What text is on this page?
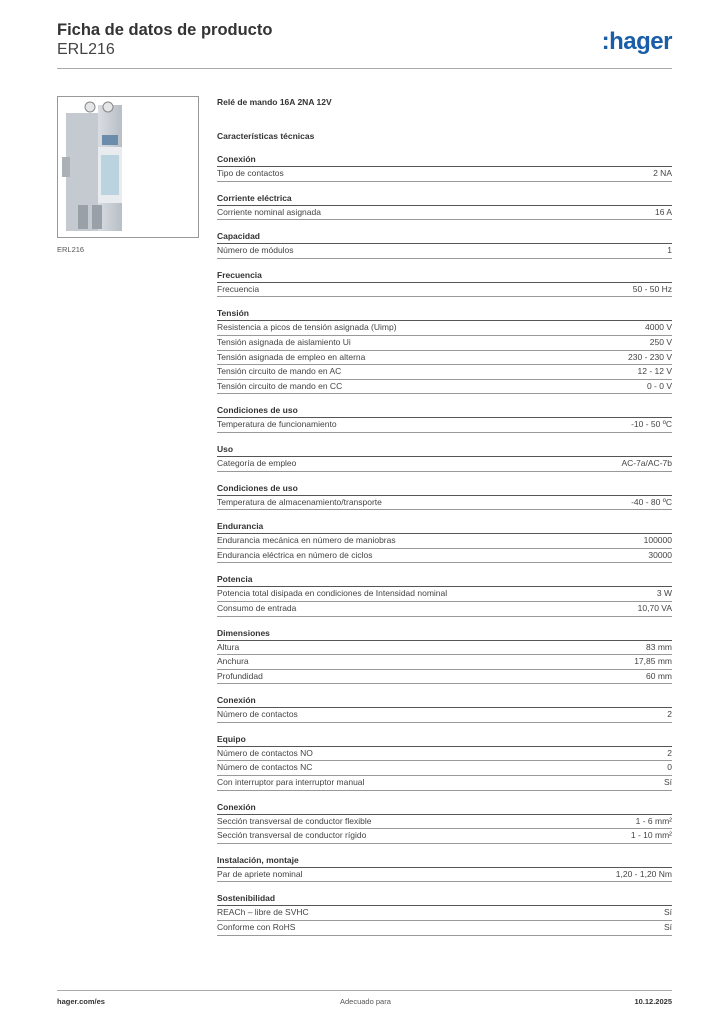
Ficha de datos de producto

ERL216	:hager
ERL216
Relé de mando 16A 2NA 12V
Características técnicas
Conexión
Tipo de contactos	2 NA
Corriente eléctrica
Corriente nominal asignada	16 A
Capacidad
Número de módulos	1
Frecuencia
Frecuencia	50 - 50 Hz
Tensión
Resistencia a picos de tensión asignada (Uimp)	4000 V
Tensión asignada de aislamiento Ui	250 V
Tensión asignada de empleo en alterna	230 - 230 V
Tensión circuito de mando en AC	12 - 12 V
Tensión circuito de mando en CC	0 - 0 V
Condiciones de uso
Temperatura de funcionamiento	-10 - 50 ºC
Uso
Categoría de empleo	AC-7a/AC-7b
Condiciones de uso
Temperatura de almacenamiento/transporte	-40 - 80 ºC
Endurancia
Endurancia mecánica en número de maniobras	100000
Endurancia eléctrica en número de ciclos	30000
Potencia
Potencia total disipada en condiciones de Intensidad nominal	3 W
Consumo de entrada	10,70 VA
Dimensiones
Altura	83 mm
Anchura	17,85 mm
Profundidad	60 mm
Conexión
Número de contactos	2
Equipo
Número de contactos NO	2
Número de contactos NC	0
Con interruptor para interruptor manual	Sí
Conexión
Sección transversal de conductor flexible	1 - 6 mm²
Sección transversal de conductor rígido	1 - 10 mm²
Instalación, montaje
Par de apriete nominal	1,20 - 1,20 Nm
Sostenibilidad
REACh – libre de SVHC	Sí
Conforme con RoHS	Sí
hager.com/es	Adecuado para	10.12.2025
